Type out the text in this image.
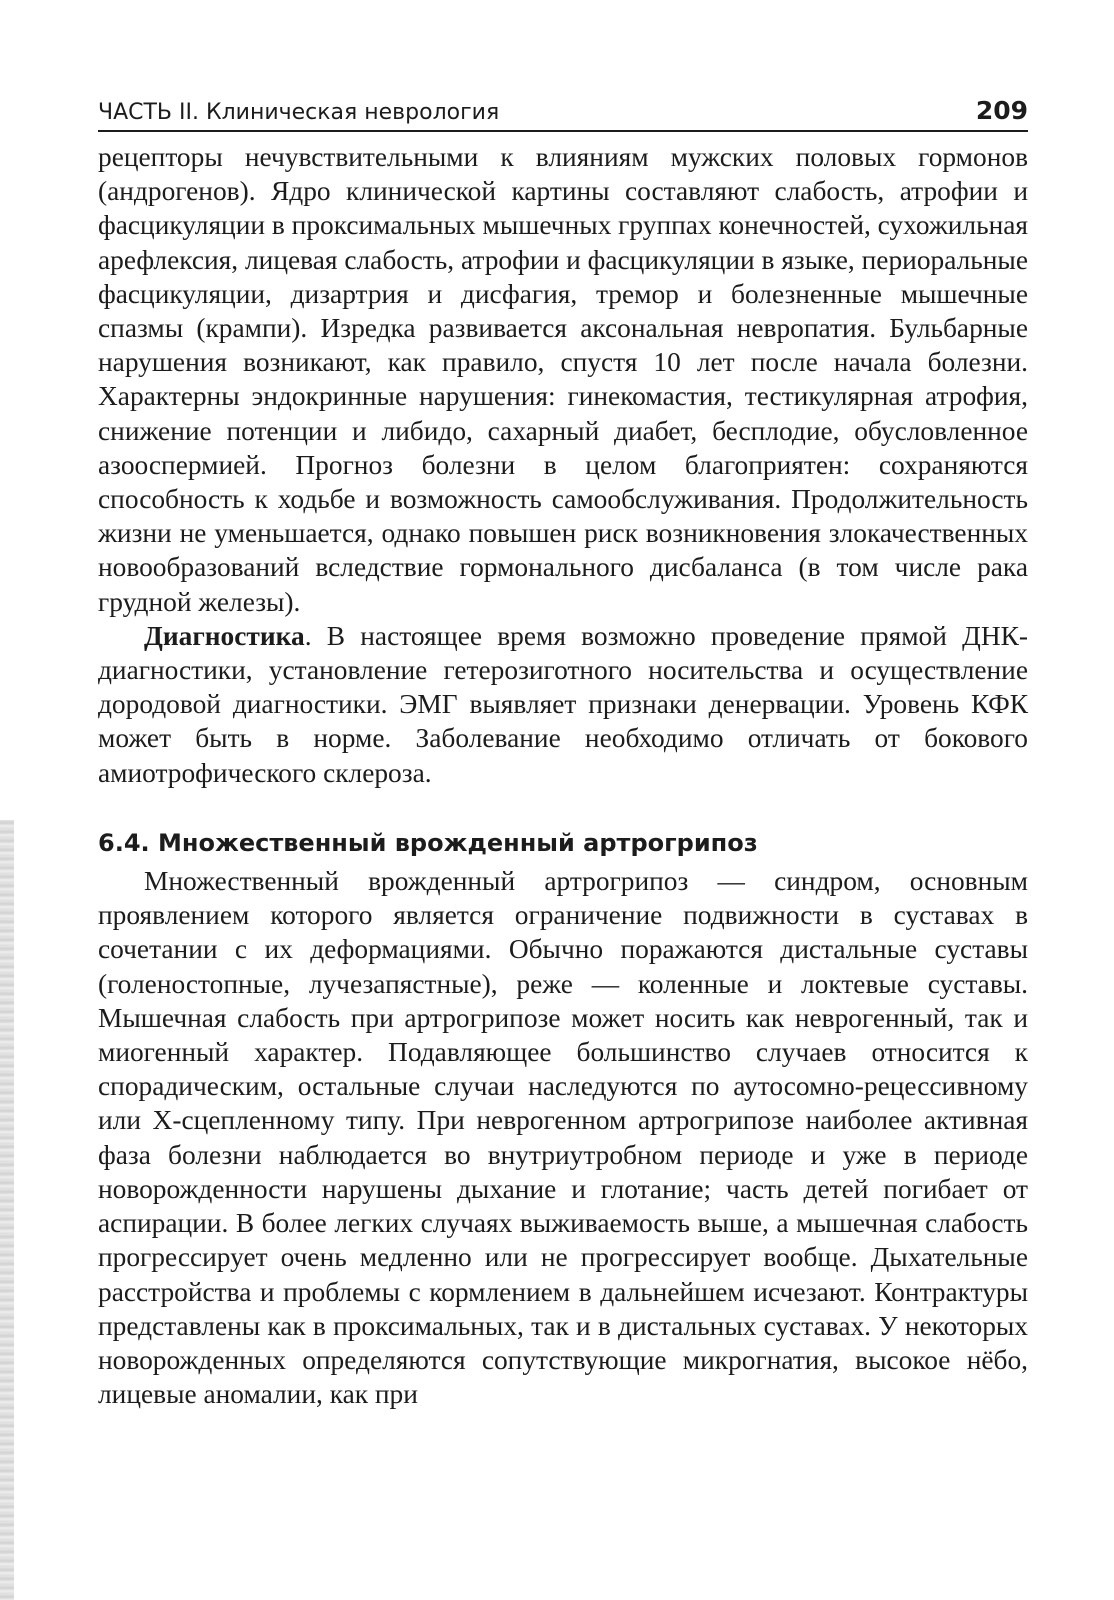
ЧАСТЬ II. Клиническая неврология	209

рецепторы нечувствительными к влияниям мужских половых гормонов (андрогенов). Ядро клинической картины составляют слабость, атрофии и фасцикуляции в проксимальных мышечных группах конечностей, сухожильная арефлексия, лицевая слабость, атрофии и фасцикуляции в языке, периоральные фасцикуляции, дизартрия и дисфагия, тремор и болезненные мышечные спазмы (крампи). Изредка развивается аксональная невропатия. Бульбарные нарушения возникают, как правило, спустя 10 лет после начала болезни. Характерны эндокринные нарушения: гинекомастия, тестикулярная атрофия, снижение потенции и либидо, сахарный диабет, бесплодие, обусловленное азооспермией. Прогноз болезни в целом благоприятен: сохраняются способность к ходьбе и возможность самообслуживания. Продолжительность жизни не уменьшается, однако повышен риск возникновения злокачественных новообразований вследствие гормонального дисбаланса (в том числе рака грудной железы).

Диагностика. В настоящее время возможно проведение прямой ДНК-диагностики, установление гетерозиготного носительства и осуществление дородовой диагностики. ЭМГ выявляет признаки денервации. Уровень КФК может быть в норме. Заболевание необходимо отличать от бокового амиотрофического склероза.

6.4. Множественный врожденный артрогрипоз

Множественный врожденный артрогрипоз — синдром, основным проявлением которого является ограничение подвижности в суставах в сочетании с их деформациями. Обычно поражаются дистальные суставы (голеностопные, лучезапястные), реже — коленные и локтевые суставы. Мышечная слабость при артрогрипозе может носить как неврогенный, так и миогенный характер. Подавляющее большинство случаев относится к спорадическим, остальные случаи наследуются по аутосомно-рецессивному или Х-сцепленному типу. При неврогенном артрогрипозе наиболее активная фаза болезни наблюдается во внутриутробном периоде и уже в периоде новорожденности нарушены дыхание и глотание; часть детей погибает от аспирации. В более легких случаях выживаемость выше, а мышечная слабость прогрессирует очень медленно или не прогрессирует вообще. Дыхательные расстройства и проблемы с кормлением в дальнейшем исчезают. Контрактуры представлены как в проксимальных, так и в дистальных суставах. У некоторых новорожденных определяются сопутствующие микрогнатия, высокое нёбо, лицевые аномалии, как при
